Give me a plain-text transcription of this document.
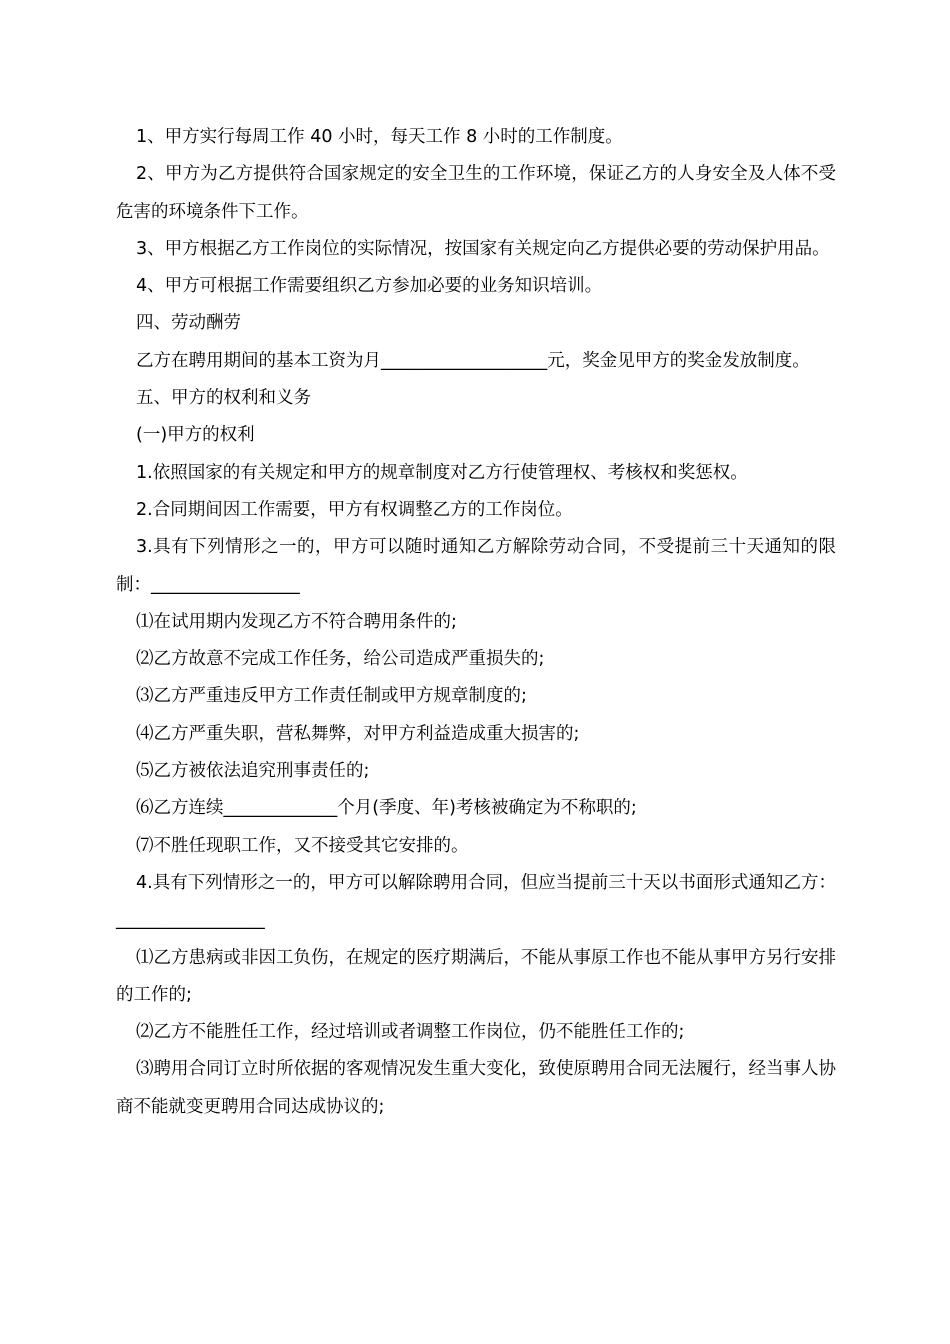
1、甲方实行每周工作 40 小时，每天工作 8 小时的工作制度。

2、甲方为乙方提供符合国家规定的安全卫生的工作环境，保证乙方的人身安全及人体不受危害的环境条件下工作。

3、甲方根据乙方工作岗位的实际情况，按国家有关规定向乙方提供必要的劳动保护用品。

4、甲方可根据工作需要组织乙方参加必要的业务知识培训。

四、劳动酬劳

乙方在聘用期间的基本工资为月___________________元，奖金见甲方的奖金发放制度。

五、甲方的权利和义务

(一)甲方的权利

1.依照国家的有关规定和甲方的规章制度对乙方行使管理权、考核权和奖惩权。

2.合同期间因工作需要，甲方有权调整乙方的工作岗位。

3.具有下列情形之一的，甲方可以随时通知乙方解除劳动合同，不受提前三十天通知的限制：_________________

⑴在试用期内发现乙方不符合聘用条件的;

⑵乙方故意不完成工作任务，给公司造成严重损失的;

⑶乙方严重违反甲方工作责任制或甲方规章制度的;

⑷乙方严重失职，营私舞弊，对甲方利益造成重大损害的;

⑸乙方被依法追究刑事责任的;

⑹乙方连续_____________个月(季度、年)考核被确定为不称职的;

⑺不胜任现职工作，又不接受其它安排的。

4.具有下列情形之一的，甲方可以解除聘用合同，但应当提前三十天以书面形式通知乙方：_________________

⑴乙方患病或非因工负伤，在规定的医疗期满后，不能从事原工作也不能从事甲方另行安排的工作的;

⑵乙方不能胜任工作，经过培训或者调整工作岗位，仍不能胜任工作的;

⑶聘用合同订立时所依据的客观情况发生重大变化，致使原聘用合同无法履行，经当事人协商不能就变更聘用合同达成协议的;
